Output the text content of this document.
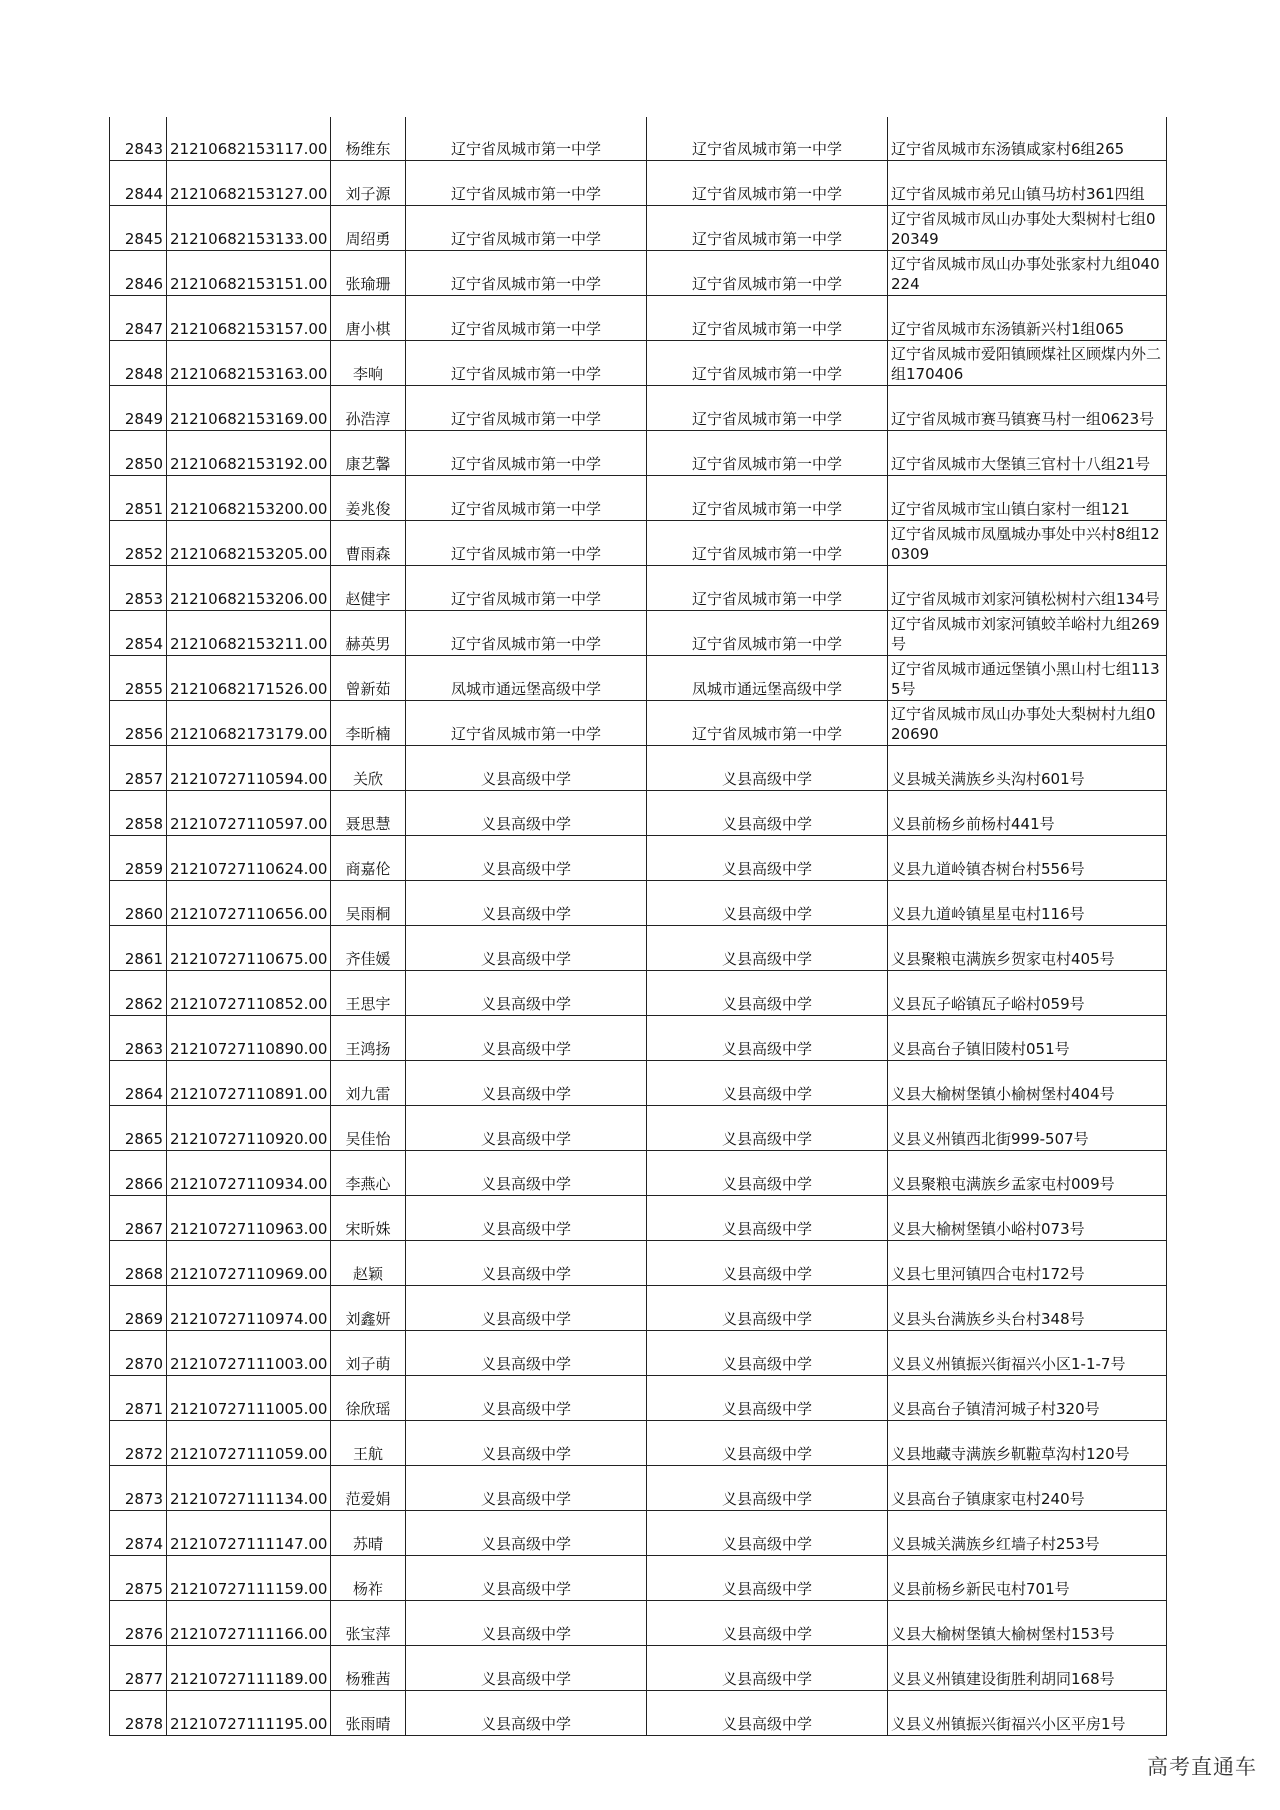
2843	21210682153117.00	杨维东	辽宁省凤城市第一中学	辽宁省凤城市第一中学	辽宁省凤城市东汤镇咸家村6组265
2844	21210682153127.00	刘子源	辽宁省凤城市第一中学	辽宁省凤城市第一中学	辽宁省凤城市弟兄山镇马坊村361四组
2845	21210682153133.00	周绍勇	辽宁省凤城市第一中学	辽宁省凤城市第一中学	辽宁省凤城市凤山办事处大梨树村七组020349
2846	21210682153151.00	张瑜珊	辽宁省凤城市第一中学	辽宁省凤城市第一中学	辽宁省凤城市凤山办事处张家村九组040224
2847	21210682153157.00	唐小棋	辽宁省凤城市第一中学	辽宁省凤城市第一中学	辽宁省凤城市东汤镇新兴村1组065
2848	21210682153163.00	李响	辽宁省凤城市第一中学	辽宁省凤城市第一中学	辽宁省凤城市爱阳镇顾煤社区顾煤内外二组170406
2849	21210682153169.00	孙浩淳	辽宁省凤城市第一中学	辽宁省凤城市第一中学	辽宁省凤城市赛马镇赛马村一组0623号
2850	21210682153192.00	康艺馨	辽宁省凤城市第一中学	辽宁省凤城市第一中学	辽宁省凤城市大堡镇三官村十八组21号
2851	21210682153200.00	姜兆俊	辽宁省凤城市第一中学	辽宁省凤城市第一中学	辽宁省凤城市宝山镇白家村一组121
2852	21210682153205.00	曹雨森	辽宁省凤城市第一中学	辽宁省凤城市第一中学	辽宁省凤城市凤凰城办事处中兴村8组120309
2853	21210682153206.00	赵健宇	辽宁省凤城市第一中学	辽宁省凤城市第一中学	辽宁省凤城市刘家河镇松树村六组134号
2854	21210682153211.00	赫英男	辽宁省凤城市第一中学	辽宁省凤城市第一中学	辽宁省凤城市刘家河镇蛟羊峪村九组269号
2855	21210682171526.00	曾新茹	凤城市通远堡高级中学	凤城市通远堡高级中学	辽宁省凤城市通远堡镇小黑山村七组1135号
2856	21210682173179.00	李昕楠	辽宁省凤城市第一中学	辽宁省凤城市第一中学	辽宁省凤城市凤山办事处大梨树村九组020690
2857	21210727110594.00	关欣	义县高级中学	义县高级中学	义县城关满族乡头沟村601号
2858	21210727110597.00	聂思慧	义县高级中学	义县高级中学	义县前杨乡前杨村441号
2859	21210727110624.00	商嘉伦	义县高级中学	义县高级中学	义县九道岭镇杏树台村556号
2860	21210727110656.00	吴雨桐	义县高级中学	义县高级中学	义县九道岭镇星星屯村116号
2861	21210727110675.00	齐佳媛	义县高级中学	义县高级中学	义县聚粮屯满族乡贺家屯村405号
2862	21210727110852.00	王思宇	义县高级中学	义县高级中学	义县瓦子峪镇瓦子峪村059号
2863	21210727110890.00	王鸿扬	义县高级中学	义县高级中学	义县高台子镇旧陵村051号
2864	21210727110891.00	刘九雷	义县高级中学	义县高级中学	义县大榆树堡镇小榆树堡村404号
2865	21210727110920.00	吴佳怡	义县高级中学	义县高级中学	义县义州镇西北街999-507号
2866	21210727110934.00	李燕心	义县高级中学	义县高级中学	义县聚粮屯满族乡孟家屯村009号
2867	21210727110963.00	宋昕姝	义县高级中学	义县高级中学	义县大榆树堡镇小峪村073号
2868	21210727110969.00	赵颖	义县高级中学	义县高级中学	义县七里河镇四合屯村172号
2869	21210727110974.00	刘鑫妍	义县高级中学	义县高级中学	义县头台满族乡头台村348号
2870	21210727111003.00	刘子萌	义县高级中学	义县高级中学	义县义州镇振兴街福兴小区1-1-7号
2871	21210727111005.00	徐欣瑶	义县高级中学	义县高级中学	义县高台子镇清河城子村320号
2872	21210727111059.00	王航	义县高级中学	义县高级中学	义县地藏寺满族乡靰鞡草沟村120号
2873	21210727111134.00	范爱娟	义县高级中学	义县高级中学	义县高台子镇康家屯村240号
2874	21210727111147.00	苏晴	义县高级中学	义县高级中学	义县城关满族乡红墙子村253号
2875	21210727111159.00	杨祚	义县高级中学	义县高级中学	义县前杨乡新民屯村701号
2876	21210727111166.00	张宝萍	义县高级中学	义县高级中学	义县大榆树堡镇大榆树堡村153号
2877	21210727111189.00	杨雅茜	义县高级中学	义县高级中学	义县义州镇建设街胜利胡同168号
2878	21210727111195.00	张雨晴	义县高级中学	义县高级中学	义县义州镇振兴街福兴小区平房1号
高考直通车
